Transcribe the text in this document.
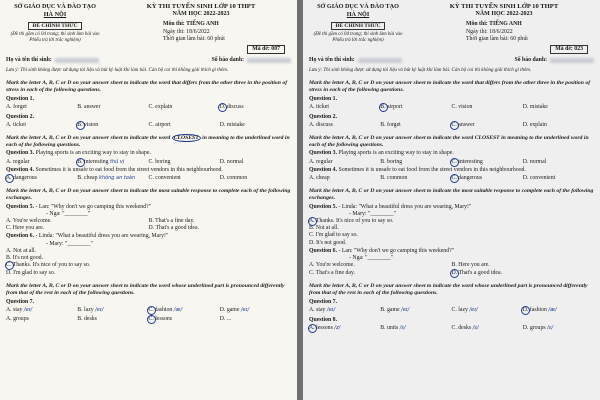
SỞ GIÁO DỤC VÀ ĐÀO TẠO
HÀ NỘI
ĐỀ CHÍNH THỨC
(Đề thi gồm có 04 trang; thí sinh làm bài vào Phiếu trả lời trắc nghiệm)
KỲ THI TUYỂN SINH LỚP 10 THPT
NĂM HỌC 2022-2023
Môn thi: TIẾNG ANH
Ngày thi: 18/6/2022
Thời gian làm bài: 60 phút
Mã đề: 007
Họ và tên thí sinh:	Số báo danh:
Lưu ý: Thí sinh không được sử dụng tài liệu và bút kỷ luật khi làm bài. Cán bộ coi thi không giải thích gì thêm.
Mark the letter A, B, C or D on your answer sheet to indicate the word that differs from the other three in the position of stress in each of the following questions.
Question 1.
A. forget	B. answer	C. explain	D. discuss
Question 2.
A. ticket	B. vision	C. airport	D. mistake
Mark the letter A, B, C or D on your answer sheet to indicate the word CLOSEST in meaning to the underlined word in each of the following questions.
Question 3. Playing sports is an exciting way to stay in shape.
A. regular	B. interesting thú vị	C. boring	D. normal
Question 4. Sometimes it is unsafe to eat food from the street vendors in this neighbourhood.
A. dangerous	B. cheap không an toàn	C. convenient	D. common
Mark the letter A, B, C or D on your answer sheet to indicate the most suitable response to complete each of the following exchanges.
Question 5. - Lan: "Why don't we go camping this weekend?"
- Nga: "________"
A. You're welcome.	B. That's a fine day.
C. Here you are.	D. That's a good idea.
Question 6. - Linda: "What a beautiful dress you are wearing, Mary!"
- Mary: "________"
A. Not at all.
B. It's not good.
C. Thanks. It's nice of you to say so.
D. I'm glad to say so.
Mark the letter A, B, C or D on your answer sheet to indicate the word whose underlined part is pronounced differently from that of the rest in each of the following questions.
Question 7.
A. stay /eɪ/	B. lazy /eɪ/	C. fashion /æ/	D. game /eɪ/
A. groups	B. desks	C. lessons	D. ...
SỞ GIÁO DỤC VÀ ĐÀO TẠO
HÀ NỘI
ĐỀ CHÍNH THỨC
(Đề thi gồm có 04 trang; thí sinh làm bài vào Phiếu trả lời trắc nghiệm)
KỲ THI TUYỂN SINH LỚP 10 THPT
NĂM HỌC 2022-2023
Môn thi: TIẾNG ANH
Ngày thi: 18/6/2022
Thời gian làm bài: 60 phút
Mã đề: 023
Họ và tên thí sinh:	Số báo danh:
Lưu ý: Thí sinh không được sử dụng tài liệu và bút kỷ luật khi làm bài. Cán bộ coi thi không giải thích gì thêm.
Mark the letter A, B, C or D on your answer sheet to indicate the word that differs from the other three in the position of stress in each of the following questions.
Question 1.
A. ticket	B. airport	C. vision	D. mistake
Question 2.
A. discuss	B. forget	C. answer	D. explain
Mark the letter A, B, C or D on your answer sheet to indicate the word CLOSEST in meaning to the underlined word in each of the following questions.
Question 3. Playing sports is an exciting way to stay in shape.
A. regular	B. boring	C. interesting	D. normal
Question 4. Sometimes it is unsafe to eat food from the street vendors in this neighbourhood.
A. cheap	B. common	C. dangerous	D. convenient
Mark the letter A, B, C or D on your answer sheet to indicate the most suitable response to complete each of the following exchanges.
Question 5. - Linda: "What a beautiful dress you are wearing, Mary!"
- Mary: "________"
A. Thanks. It's nice of you to say so.
B. Not at all.
C. I'm glad to say so.
D. It's not good.
Question 6. - Lan: "Why don't we go camping this weekend?"
- Nga: "________"
A. You're welcome.	B. Here you are.
C. That's a fine day.	D. That's a good idea.
Mark the letter A, B, C or D on your answer sheet to indicate the word whose underlined part is pronounced differently from that of the rest in each of the following questions.
Question 7.
A. stay /eɪ/	B. game /eɪ/	C. lazy /eɪ/	D. fashion /æ/
Question 8.
A. lessons /z/	B. units /s/	C. desks /s/	D. groups /s/
